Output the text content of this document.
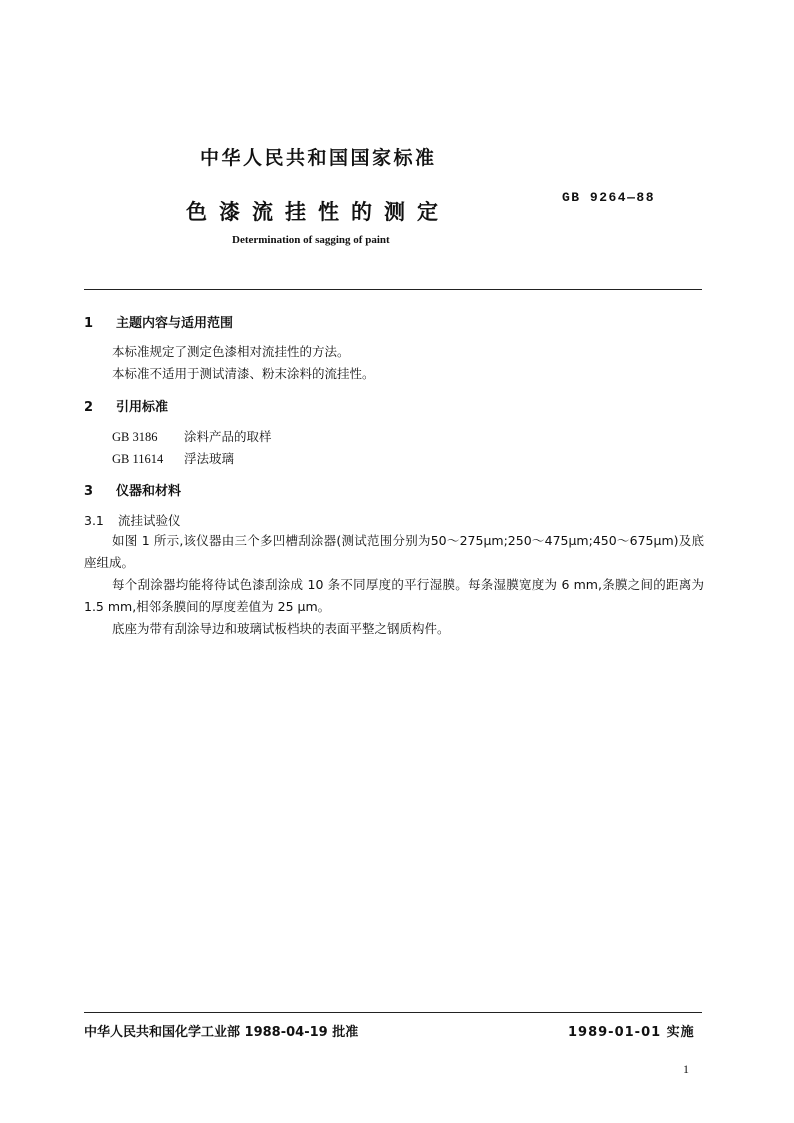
中华人民共和国国家标准
色漆流挂性的测定
GB 9264—88
Determination of sagging of paint
1 主题内容与适用范围
本标准规定了测定色漆相对流挂性的方法。
本标准不适用于测试清漆、粉末涂料的流挂性。
2 引用标准
GB 3186 涂料产品的取样
GB 11614 浮法玻璃
3 仪器和材料
3.1 流挂试验仪
如图 1 所示,该仪器由三个多凹槽刮涂器(测试范围分别为50～275μm;250～475μm;450～675μm)及底座组成。
每个刮涂器均能将待试色漆刮涂成 10 条不同厚度的平行湿膜。每条湿膜宽度为 6 mm,条膜之间的距离为 1.5 mm,相邻条膜间的厚度差值为 25 μm。
底座为带有刮涂导边和玻璃试板档块的表面平整之钢质构件。
中华人民共和国化学工业部 1988-04-19 批准	1989-01-01 实施
1
